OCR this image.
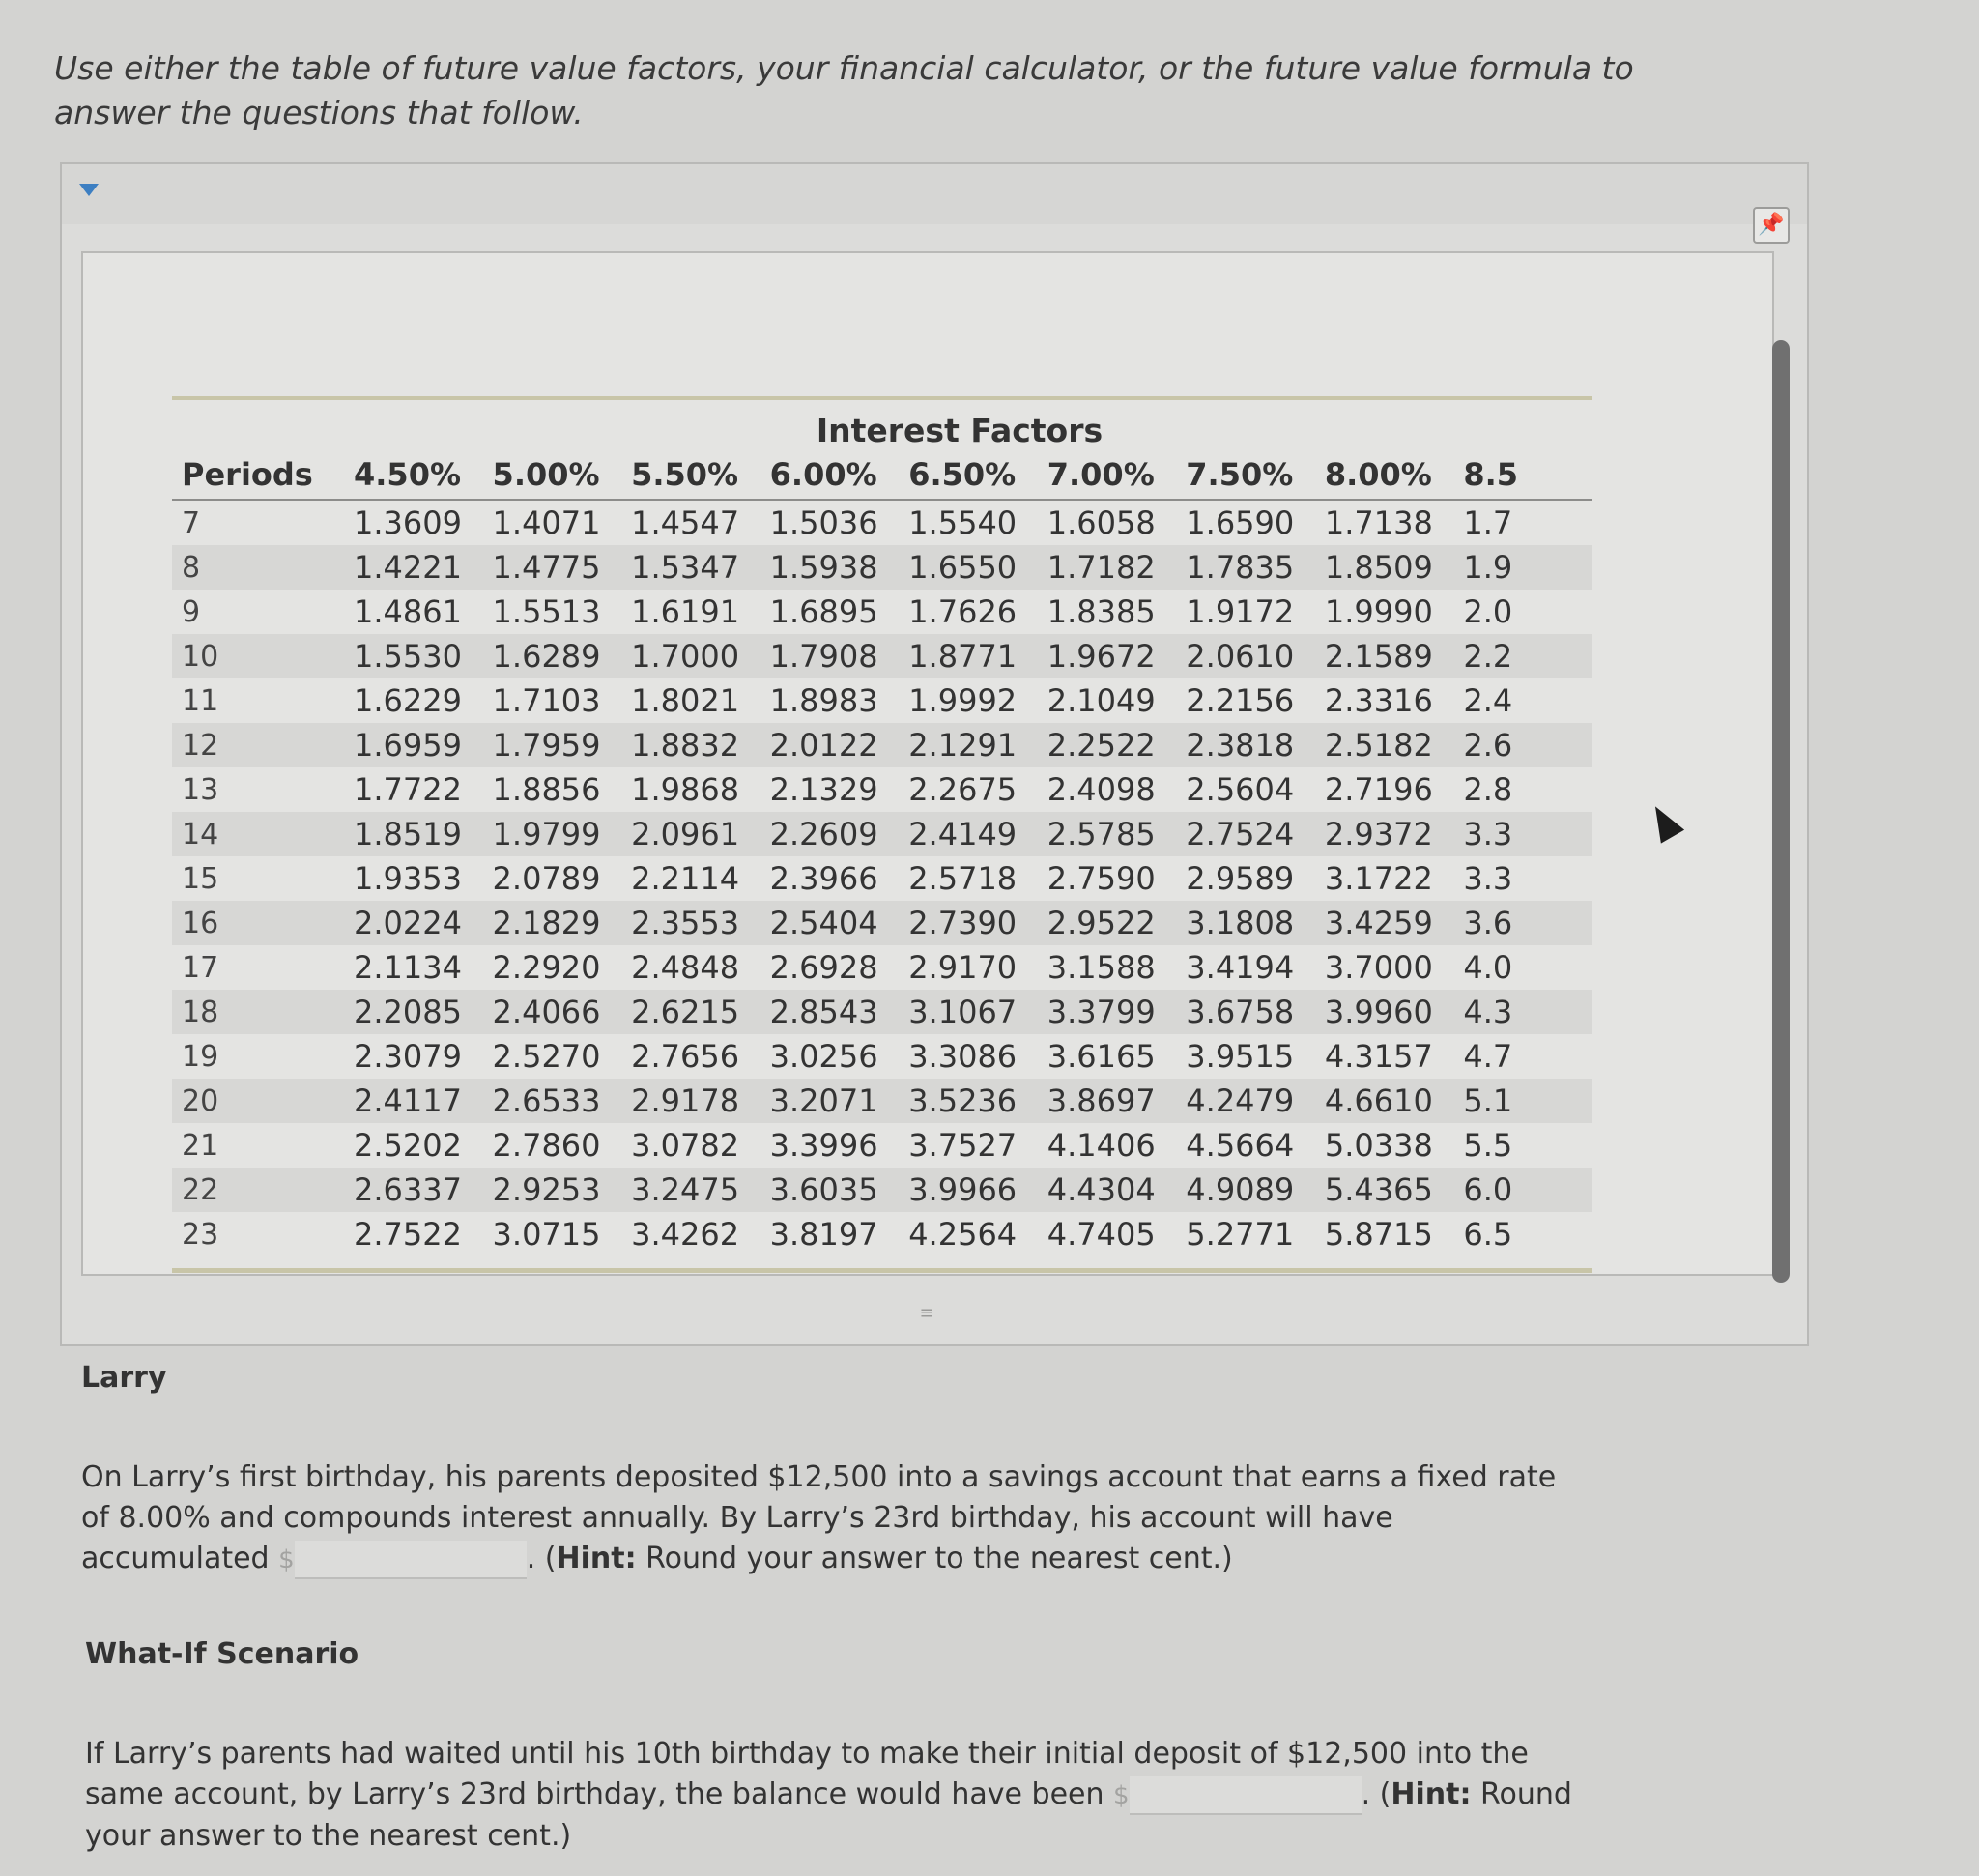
Use either the table of future value factors, your financial calculator, or the future value formula to answer the questions that follow.

📌
Interest Factors
Periods	4.50%	5.00%	5.50%	6.00%	6.50%	7.00%	7.50%	8.00%	8.5
7	1.3609	1.4071	1.4547	1.5036	1.5540	1.6058	1.6590	1.7138	1.7
8	1.4221	1.4775	1.5347	1.5938	1.6550	1.7182	1.7835	1.8509	1.9
9	1.4861	1.5513	1.6191	1.6895	1.7626	1.8385	1.9172	1.9990	2.0
10	1.5530	1.6289	1.7000	1.7908	1.8771	1.9672	2.0610	2.1589	2.2
11	1.6229	1.7103	1.8021	1.8983	1.9992	2.1049	2.2156	2.3316	2.4
12	1.6959	1.7959	1.8832	2.0122	2.1291	2.2522	2.3818	2.5182	2.6
13	1.7722	1.8856	1.9868	2.1329	2.2675	2.4098	2.5604	2.7196	2.8
14	1.8519	1.9799	2.0961	2.2609	2.4149	2.5785	2.7524	2.9372	3.3
15	1.9353	2.0789	2.2114	2.3966	2.5718	2.7590	2.9589	3.1722	3.3
16	2.0224	2.1829	2.3553	2.5404	2.7390	2.9522	3.1808	3.4259	3.6
17	2.1134	2.2920	2.4848	2.6928	2.9170	3.1588	3.4194	3.7000	4.0
18	2.2085	2.4066	2.6215	2.8543	3.1067	3.3799	3.6758	3.9960	4.3
19	2.3079	2.5270	2.7656	3.0256	3.3086	3.6165	3.9515	4.3157	4.7
20	2.4117	2.6533	2.9178	3.2071	3.5236	3.8697	4.2479	4.6610	5.1
21	2.5202	2.7860	3.0782	3.3996	3.7527	4.1406	4.5664	5.0338	5.5
22	2.6337	2.9253	3.2475	3.6035	3.9966	4.4304	4.9089	5.4365	6.0
23	2.7522	3.0715	3.4262	3.8197	4.2564	4.7405	5.2771	5.8715	6.5
≡

Larry

On Larry’s first birthday, his parents deposited $12,500 into a savings account that earns a fixed rate of 8.00% and compounds interest annually. By Larry’s 23rd birthday, his account will have accumulated $	. (Hint: Round your answer to the nearest cent.)

What-If Scenario

If Larry’s parents had waited until his 10th birthday to make their initial deposit of $12,500 into the same account, by Larry’s 23rd birthday, the balance would have been $	. (Hint: Round your answer to the nearest cent.)
